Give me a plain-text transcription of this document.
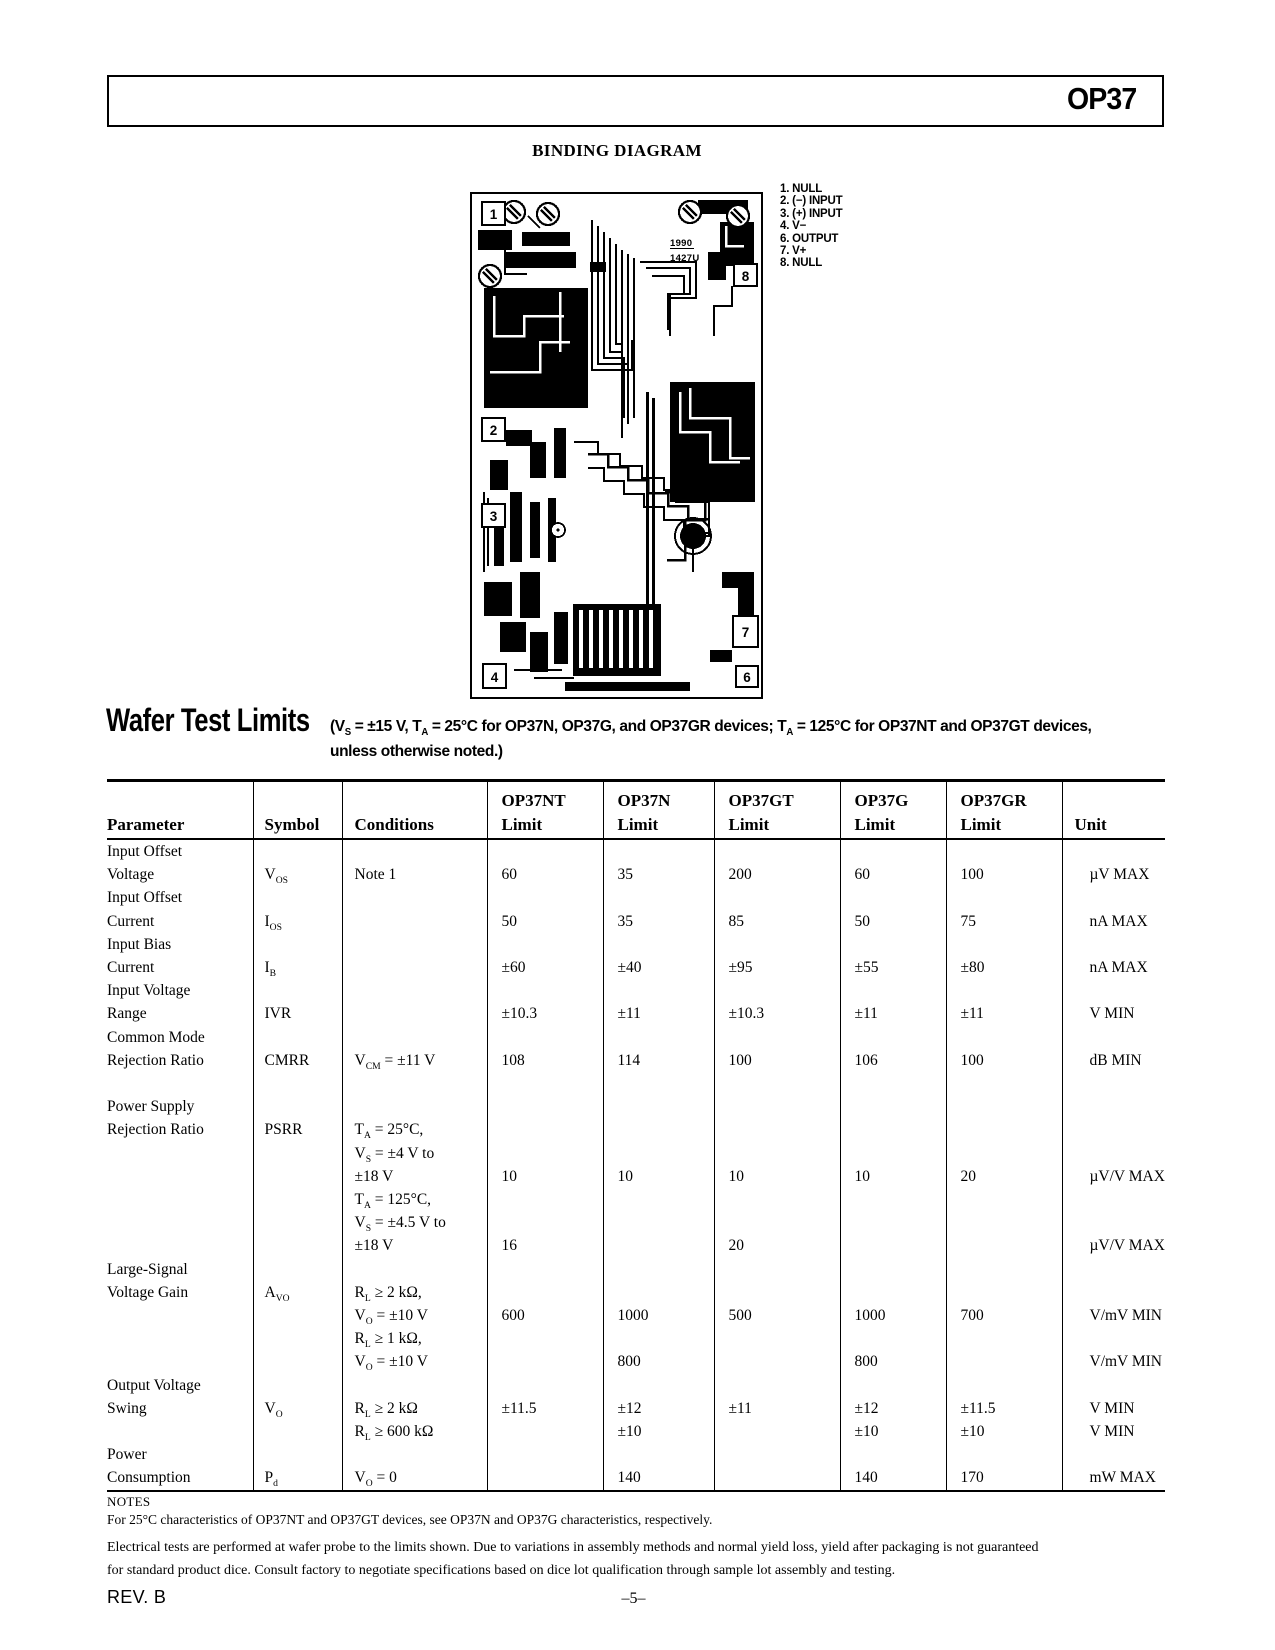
OP37
BINDING DIAGRAM
1
2
3
4	6
7
8
1990
1427U
1. NULL
2. (−) INPUT
3. (+) INPUT
4. V−
6. OUTPUT
7. V+
8. NULL
Wafer Test Limits ($V_S = \pm 15$ V, $T_A = 25^\circ C$ for OP37N, OP37G, and OP37GR devices; $T_A = 125^\circ C$ for OP37NT and OP37GT devices,
unless otherwise noted.)
			OP37NT	OP37N	OP37GT	OP37G	OP37GR	
Parameter	Symbol	Conditions	Limit	Limit	Limit	Limit	Limit	Unit
Input Offset								
Voltage	$V_{OS}$	Note 1	60	35	200	60	100	µV MAX
Input Offset								
Current	$I_{OS}$		50	35	85	50	75	nA MAX
Input Bias								
Current	$I_B$		±60	±40	±95	±55	±80	nA MAX
Input Voltage								
Range	IVR		±10.3	±11	±10.3	±11	±11	V MIN
Common Mode								
Rejection Ratio	CMRR	$V_{CM} = \pm 11$ V	108	114	100	106	100	dB MIN

Power Supply								
Rejection Ratio	PSRR	$T_A = 25^\circ C$,						
		$V_S = \pm 4$ V to						
		±18 V	10	10	10	10	20	µV/V MAX
		$T_A = 125^\circ C$,						
		$V_S = \pm 4.5$ V to						
		±18 V	16		20			µV/V MAX
Large-Signal								
Voltage Gain	$A_{VO}$	$R_L \ge 2$ kΩ,						
		$V_O = \pm 10$ V	600	1000	500	1000	700	V/mV MIN
		$R_L \ge 1$ kΩ,						
		$V_O = \pm 10$ V		800		800		V/mV MIN
Output Voltage								
Swing	$V_O$	$R_L \ge 2$ kΩ	±11.5	±12	±11	±12	±11.5	V MIN
		$R_L \ge 600$ kΩ		±10		±10	±10	V MIN
Power								
Consumption	$P_d$	$V_O = 0$		140		140	170	mW MAX
NOTES
For 25°C characteristics of OP37NT and OP37GT devices, see OP37N and OP37G characteristics, respectively.
Electrical tests are performed at wafer probe to the limits shown. Due to variations in assembly methods and normal yield loss, yield after packaging is not guaranteed
for standard product dice. Consult factory to negotiate specifications based on dice lot qualification through sample lot assembly and testing.
REV. B	–5–
